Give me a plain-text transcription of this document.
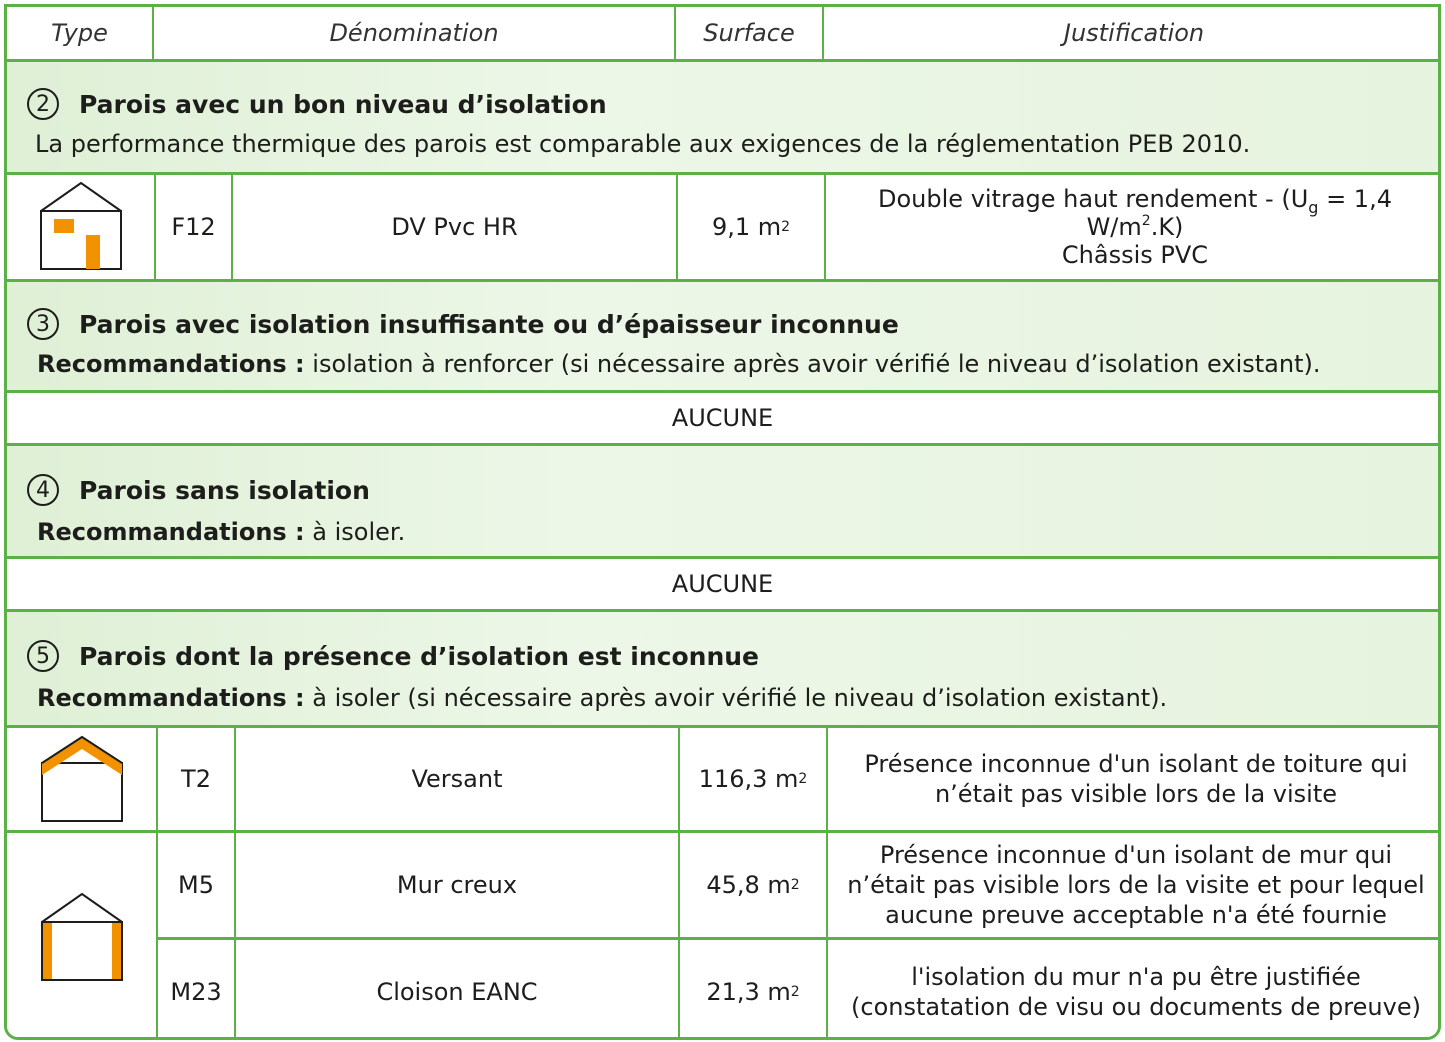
Type	Dénomination	Surface	Justification
2	Parois avec un bon niveau d’isolation
La performance thermique des parois est comparable aux exigences de la réglementation PEB 2010.
F12	DV Pvc HR	9,1 m 2
Double vitrage haut rendement - ($U_g = 1,4$
$W/m^2.K$)
Châssis PVC
3	Parois avec isolation insuffisante ou d’épaisseur inconnue
Recommandations : isolation à renforcer (si nécessaire après avoir vérifié le niveau d’isolation existant).
AUCUNE
4	Parois sans isolation
Recommandations : à isoler.
AUCUNE
5	Parois dont la présence d’isolation est inconnue
Recommandations : à isoler (si nécessaire après avoir vérifié le niveau d’isolation existant).
T2	Versant	116,3 m 2
Présence inconnue d'un isolant de toiture qui
n’était pas visible lors de la visite
M5	Mur creux	45,8 m 2
Présence inconnue d'un isolant de mur qui
n’était pas visible lors de la visite et pour lequel
aucune preuve acceptable n'a été fournie
M23	Cloison EANC	21,3 m 2
l'isolation du mur n'a pu être justifiée
(constatation de visu ou documents de preuve)
